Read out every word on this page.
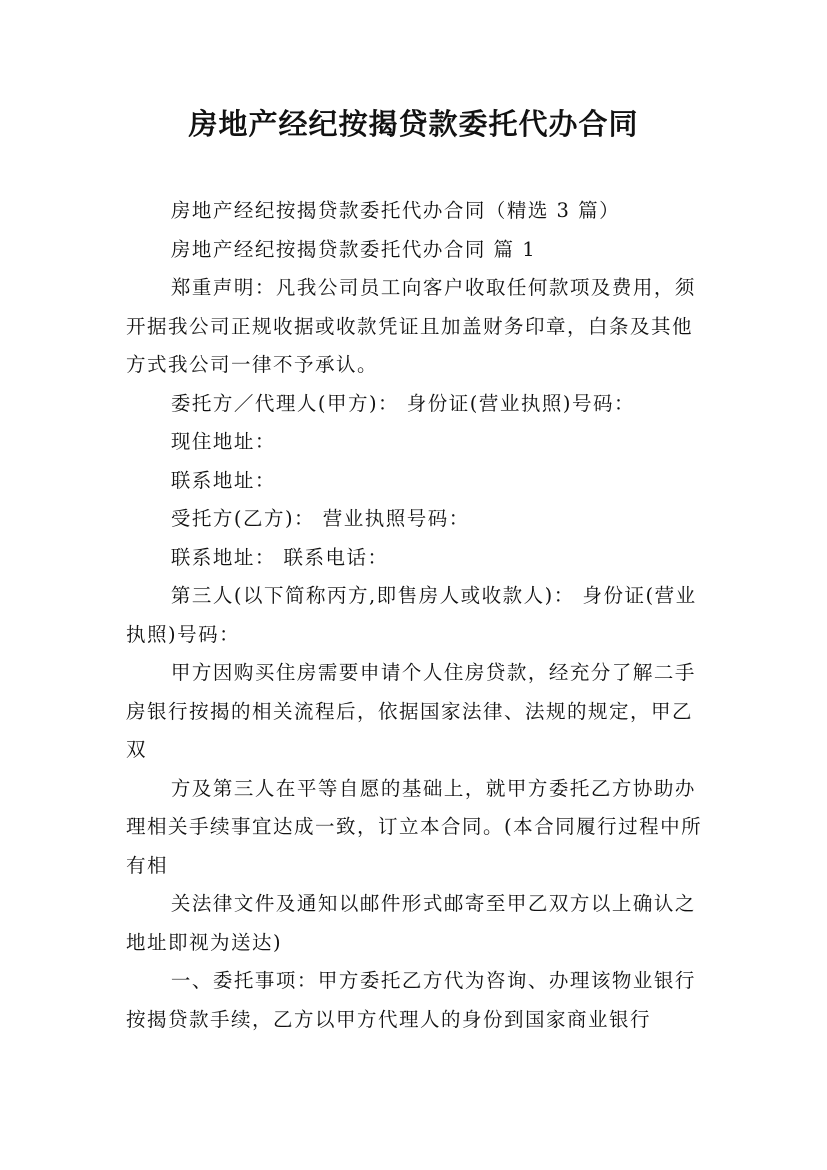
房地产经纪按揭贷款委托代办合同

房地产经纪按揭贷款委托代办合同（精选 3 篇）

房地产经纪按揭贷款委托代办合同 篇 1

郑重声明：凡我公司员工向客户收取任何款项及费用，须开据我公司正规收据或收款凭证且加盖财务印章，白条及其他方式我公司一律不予承认。

委托方／代理人(甲方)： 身份证(营业执照)号码：

现住地址：

联系地址：

受托方(乙方)： 营业执照号码：

联系地址： 联系电话：

第三人(以下简称丙方,即售房人或收款人)： 身份证(营业执照)号码：

甲方因购买住房需要申请个人住房贷款，经充分了解二手房银行按揭的相关流程后，依据国家法律、法规的规定，甲乙双

方及第三人在平等自愿的基础上，就甲方委托乙方协助办理相关手续事宜达成一致，订立本合同。(本合同履行过程中所有相

关法律文件及通知以邮件形式邮寄至甲乙双方以上确认之地址即视为送达)

一、委托事项：甲方委托乙方代为咨询、办理该物业银行按揭贷款手续，乙方以甲方代理人的身份到国家商业银行
